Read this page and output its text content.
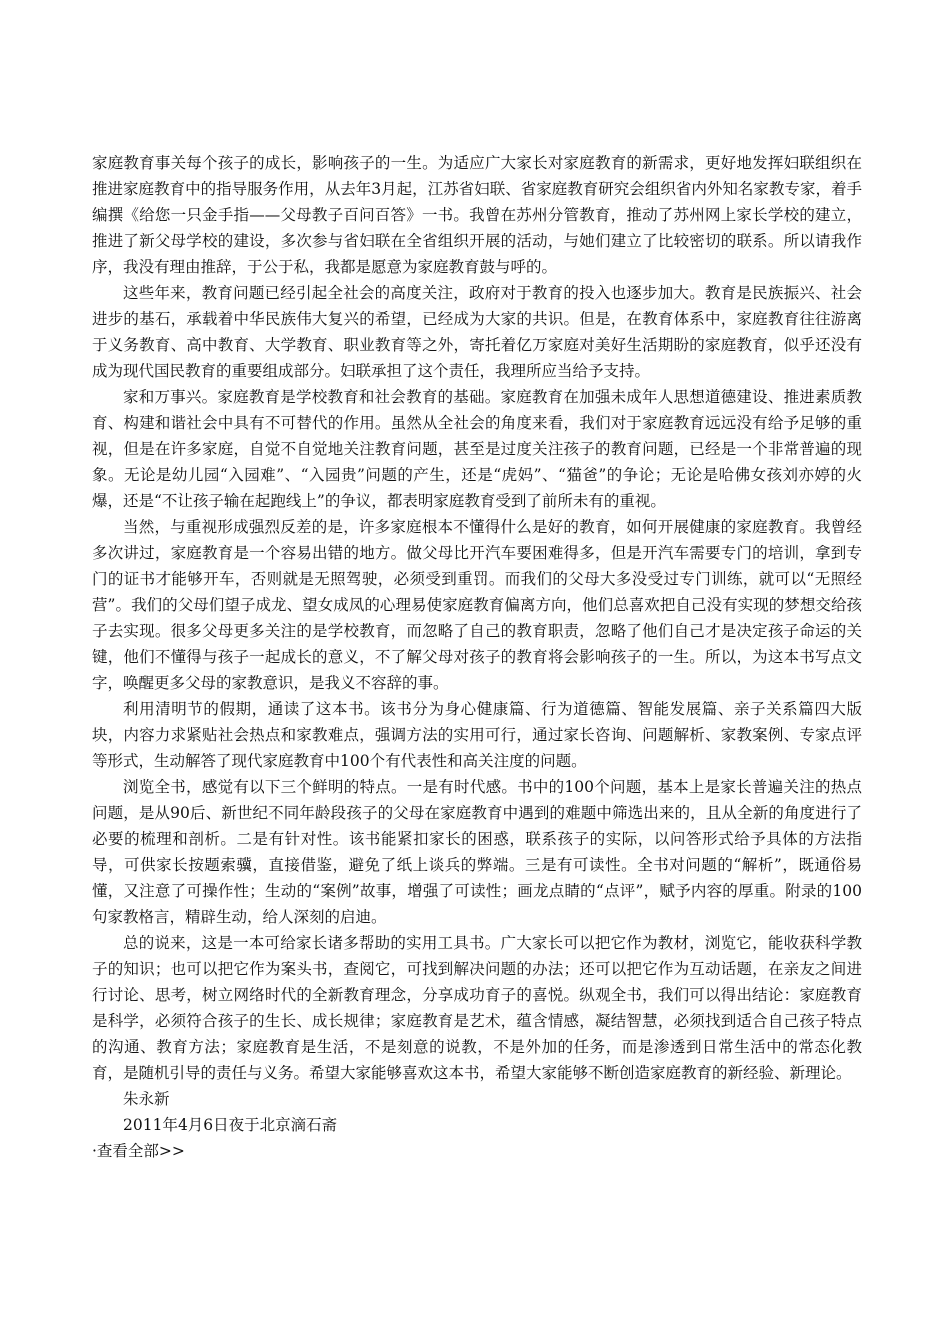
家庭教育事关每个孩子的成长，影响孩子的一生。为适应广大家长对家庭教育的新需求，更好地发挥妇联组织在推进家庭教育中的指导服务作用，从去年3月起，江苏省妇联、省家庭教育研究会组织省内外知名家教专家，着手编撰《给您一只金手指——父母教子百问百答》一书。我曾在苏州分管教育，推动了苏州网上家长学校的建立，推进了新父母学校的建设，多次参与省妇联在全省组织开展的活动，与她们建立了比较密切的联系。所以请我作序，我没有理由推辞，于公于私，我都是愿意为家庭教育鼓与呼的。

这些年来，教育问题已经引起全社会的高度关注，政府对于教育的投入也逐步加大。教育是民族振兴、社会进步的基石，承载着中华民族伟大复兴的希望，已经成为大家的共识。但是，在教育体系中，家庭教育往往游离于义务教育、高中教育、大学教育、职业教育等之外，寄托着亿万家庭对美好生活期盼的家庭教育，似乎还没有成为现代国民教育的重要组成部分。妇联承担了这个责任，我理所应当给予支持。

家和万事兴。家庭教育是学校教育和社会教育的基础。家庭教育在加强未成年人思想道德建设、推进素质教育、构建和谐社会中具有不可替代的作用。虽然从全社会的角度来看，我们对于家庭教育远远没有给予足够的重视，但是在许多家庭，自觉不自觉地关注教育问题，甚至是过度关注孩子的教育问题，已经是一个非常普遍的现象。无论是幼儿园“入园难”、“入园贵”问题的产生，还是“虎妈”、“猫爸”的争论；无论是哈佛女孩刘亦婷的火爆，还是“不让孩子输在起跑线上”的争议，都表明家庭教育受到了前所未有的重视。

当然，与重视形成强烈反差的是，许多家庭根本不懂得什么是好的教育，如何开展健康的家庭教育。我曾经多次讲过，家庭教育是一个容易出错的地方。做父母比开汽车要困难得多，但是开汽车需要专门的培训，拿到专门的证书才能够开车，否则就是无照驾驶，必须受到重罚。而我们的父母大多没受过专门训练，就可以“无照经营”。我们的父母们望子成龙、望女成凤的心理易使家庭教育偏离方向，他们总喜欢把自己没有实现的梦想交给孩子去实现。很多父母更多关注的是学校教育，而忽略了自己的教育职责，忽略了他们自己才是决定孩子命运的关键，他们不懂得与孩子一起成长的意义，不了解父母对孩子的教育将会影响孩子的一生。所以，为这本书写点文字，唤醒更多父母的家教意识，是我义不容辞的事。

利用清明节的假期，通读了这本书。该书分为身心健康篇、行为道德篇、智能发展篇、亲子关系篇四大版块，内容力求紧贴社会热点和家教难点，强调方法的实用可行，通过家长咨询、问题解析、家教案例、专家点评等形式，生动解答了现代家庭教育中100个有代表性和高关注度的问题。

浏览全书，感觉有以下三个鲜明的特点。一是有时代感。书中的100个问题，基本上是家长普遍关注的热点问题，是从90后、新世纪不同年龄段孩子的父母在家庭教育中遇到的难题中筛选出来的，且从全新的角度进行了必要的梳理和剖析。二是有针对性。该书能紧扣家长的困惑，联系孩子的实际，以问答形式给予具体的方法指导，可供家长按题索骥，直接借鉴，避免了纸上谈兵的弊端。三是有可读性。全书对问题的“解析”，既通俗易懂，又注意了可操作性；生动的“案例”故事，增强了可读性；画龙点睛的“点评”，赋予内容的厚重。附录的100句家教格言，精辟生动，给人深刻的启迪。

总的说来，这是一本可给家长诸多帮助的实用工具书。广大家长可以把它作为教材，浏览它，能收获科学教子的知识；也可以把它作为案头书，查阅它，可找到解决问题的办法；还可以把它作为互动话题，在亲友之间进行讨论、思考，树立网络时代的全新教育理念，分享成功育子的喜悦。纵观全书，我们可以得出结论：家庭教育是科学，必须符合孩子的生长、成长规律；家庭教育是艺术，蕴含情感，凝结智慧，必须找到适合自己孩子特点的沟通、教育方法；家庭教育是生活，不是刻意的说教，不是外加的任务，而是渗透到日常生活中的常态化教育，是随机引导的责任与义务。希望大家能够喜欢这本书，希望大家能够不断创造家庭教育的新经验、新理论。

朱永新

2011年4月6日夜于北京滴石斋

·查看全部>>
